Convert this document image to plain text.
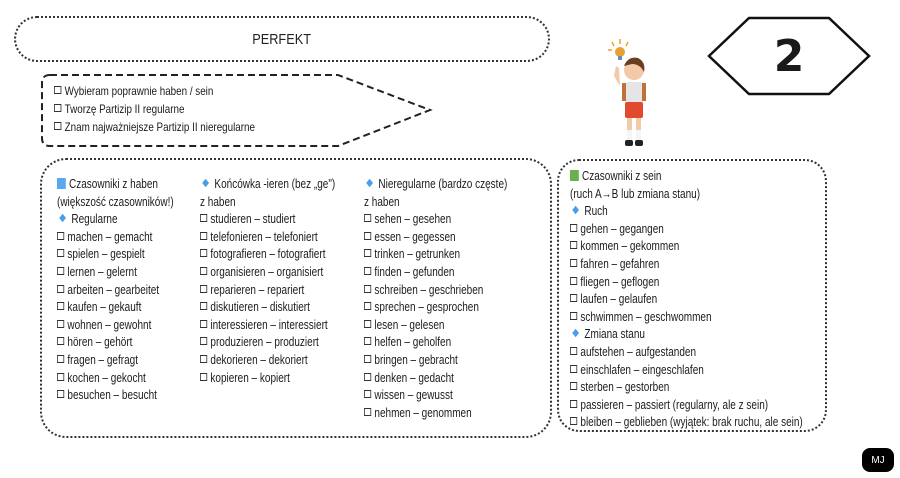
PERFEKT
Wybieram poprawnie haben / sein
Tworzę Partizip II regularne
Znam najważniejsze Partizip II nieregularne
2
Czasowniki z haben
(większość czasowników!)
Regularne
machen – gemacht
spielen – gespielt
lernen – gelernt
arbeiten – gearbeitet
kaufen – gekauft
wohnen – gewohnt
hören – gehört
fragen – gefragt
kochen – gekocht
besuchen – besucht
Końcówka -ieren (bez „ge")
z haben
studieren – studiert
telefonieren – telefoniert
fotografieren – fotografiert
organisieren – organisiert
reparieren – repariert
diskutieren – diskutiert
interessieren – interessiert
produzieren – produziert
dekorieren – dekoriert
kopieren – kopiert
Nieregularne (bardzo częste)
z haben
sehen – gesehen
essen – gegessen
trinken – getrunken
finden – gefunden
schreiben – geschrieben
sprechen – gesprochen
lesen – gelesen
helfen – geholfen
bringen – gebracht
denken – gedacht
wissen – gewusst
nehmen – genommen
Czasowniki z sein
(ruch A→B lub zmiana stanu)
Ruch
gehen – gegangen
kommen – gekommen
fahren – gefahren
fliegen – geflogen
laufen – gelaufen
schwimmen – geschwommen
Zmiana stanu
aufstehen – aufgestanden
einschlafen – eingeschlafen
sterben – gestorben
passieren – passiert (regularny, ale z sein)
bleiben – geblieben (wyjątek: brak ruchu, ale sein)
MJ
